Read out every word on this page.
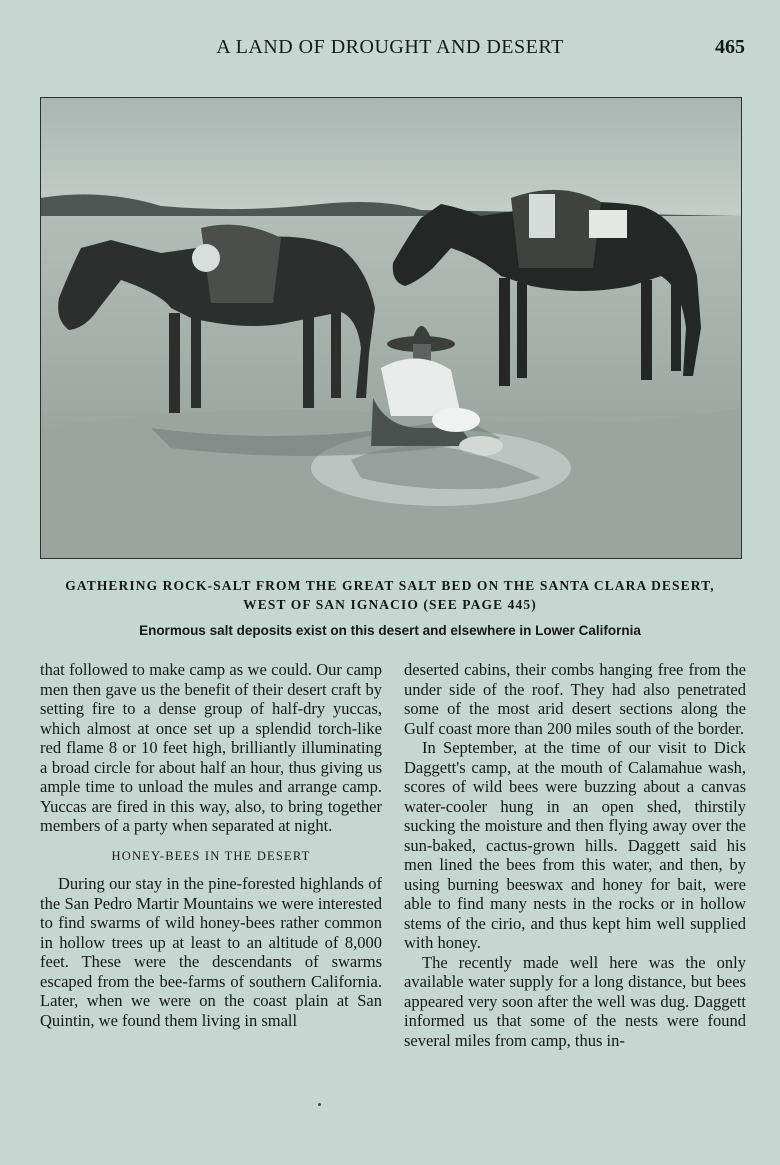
A LAND OF DROUGHT AND DESERT	465
GATHERING ROCK-SALT FROM THE GREAT SALT BED ON THE SANTA CLARA DESERT,
WEST OF SAN IGNACIO (SEE PAGE 445)
Enormous salt deposits exist on this desert and elsewhere in Lower California

that followed to make camp as we could. Our camp men then gave us the benefit of their desert craft by setting fire to a dense group of half-dry yuccas, which almost at once set up a splendid torch-like red flame 8 or 10 feet high, brilliantly illuminating a broad circle for about half an hour, thus giving us ample time to unload the mules and arrange camp. Yuccas are fired in this way, also, to bring together members of a party when separated at night.

HONEY-BEES IN THE DESERT

During our stay in the pine-forested highlands of the San Pedro Martir Mountains we were interested to find swarms of wild honey-bees rather common in hollow trees up at least to an altitude of 8,000 feet. These were the descendants of swarms escaped from the bee-farms of southern California. Later, when we were on the coast plain at San Quintin, we found them living in small

deserted cabins, their combs hanging free from the under side of the roof. They had also penetrated some of the most arid desert sections along the Gulf coast more than 200 miles south of the border.

In September, at the time of our visit to Dick Daggett's camp, at the mouth of Calamahue wash, scores of wild bees were buzzing about a canvas water-cooler hung in an open shed, thirstily sucking the moisture and then flying away over the sun-baked, cactus-grown hills. Daggett said his men lined the bees from this water, and then, by using burning beeswax and honey for bait, were able to find many nests in the rocks or in hollow stems of the cirio, and thus kept him well supplied with honey.

The recently made well here was the only available water supply for a long distance, but bees appeared very soon after the well was dug. Daggett informed us that some of the nests were found several miles from camp, thus in-
